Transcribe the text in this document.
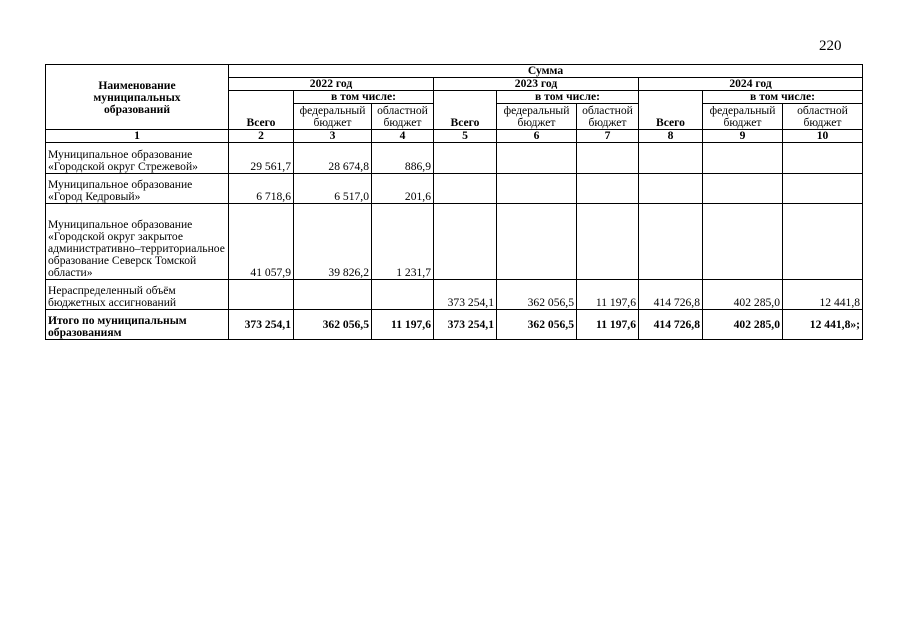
220
Наименование муниципальных образований	Сумма								
	2022 год			2023 год			2024 год		
	Всего	в том числе:		Всего	в том числе:		Всего	в том числе:	
		федеральный бюджет	областной бюджет		федеральный бюджет	областной бюджет		федеральный бюджет	областной бюджет
1	2	3	4	5	6	7	8	9	10
Муниципальное образование «Городской округ Стрежевой»	29 561,7	28 674,8	886,9						
Муниципальное образование «Город Кедровый»	6 718,6	6 517,0	201,6						
Муниципальное образование «Городской округ закрытое административно–территориальное образование Северск Томской области»	41 057,9	39 826,2	1 231,7						
Нераспределенный объём бюджетных ассигнований				373 254,1	362 056,5	11 197,6	414 726,8	402 285,0	12 441,8
Итого по муниципальным образованиям	373 254,1	362 056,5	11 197,6	373 254,1	362 056,5	11 197,6	414 726,8	402 285,0	12 441,8»;
